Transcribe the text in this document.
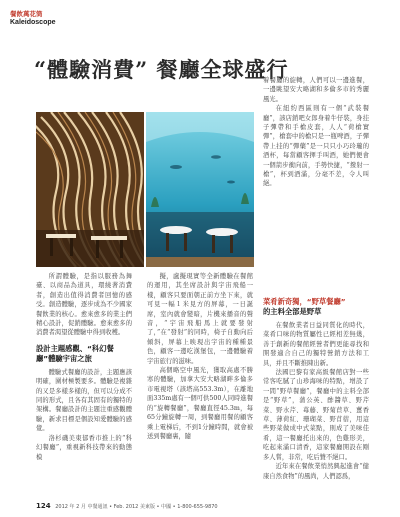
餐飲萬花筒
Kaleidoscope
“體驗消費” 餐廳全球盛行

所謂體驗，是指以服務為舞臺、以商品為道具，環繞著消費者，創造出值得消費者回憶的感受。創造體驗，逐步成為不少國家餐飲業的核心。愈來愈多的業主們精心設計，促銷體驗。愈來愈多的消費者渴望從體驗中得到收穫。

設計主題感觀、“科幻餐廳”體驗宇宙之旅

體驗式餐廳的設計，主題應該明確，圍材極製要多。體驗是複雜的又是多樣多樣的，但可以分成不同的形式，且各有其固有的獨特的架構。餐廳設計的主題注重感觀體驗，新求目標是個設知愛體驗的感覺。

洛杉磯美東郁香市推上的“科幻餐廳”，重視新科技帶來的動態模

擬，盧擬現實等全新體驗在餐館的運用，其坐席設計與宇宙飛船一樣，顧客只要面朝正前方坐下來，就可見一幅１米見方的屏幕，一日誕席，室內就會變暗，片機來播音的聲音，“宇宙飛船馬上就要發射了，”在“發射”的同時，椅子自動向后傾斜，屏幕上映現出宇宙的種種景色，顧客一邊吃漢堡包，一邊體驗着宇宙旅行的滋味。

高個略空中風光，獲取高處不勝寒的體驗，加拿大安大略湖畔多倫多市電視塔（該塔高553.3m），在離地面335m處有一個可供500人同時進餐的“旋轉餐廳”，餐廳直徑45.3m，每65分鐘旋轉一周，到餐廳用餐的顧客乘上電梯后，不到1分鐘時間，就會被送到餐廳裏，隨

着餐廳的旋轉，人們可以一邊進餐，一邊眺望安大略湖和多倫多市的秀麗風光。

在紐約西區則有一個“武裝餐廳”，該店銷吧女郎身着牛仔裝，身挂子彈帶和手槍皮套，人人“荷槍實彈”，槍套中的槍只是一瓶啤酒，子彈帶上挂的“彈藥”是一只只小巧玲瓏的酒杯，每當顧客揮手叫酒，她們便會一個箭步衝向前，手勢快捷，“撥射一槍”，杯到酒滿，分毫不差，令人叫絕。

菜肴新奇獨，“野草餐廳”
的主料全部是野草

在餐飲業者日益同質化的時代，菜肴口味的物質屬性已經相差無幾，善于創新的餐館經營者們更能尋找和開發適合自己的獨特營銷方法和工具，并且不斷推陳出新。

法國巴黎有家高級餐館店對一些常客吃膩了山珍海味的特點，增設了一間“野草餐廳”，餐廳中的主料全部是“野草”，蒲公英、酢醬草、野芹菜、野水芹、苺藤、野菊苣草、薑香草、薄荷紅、珊瑚菜、野苜蓿，用這些野菜做成中式菜點，則成了美味佳肴，這一餐廳托出來的，色雞形美，吃起來滿口清香，這家餐廳開設在剛多人嘗，非常，吃后贊不絕口。

近年來在餐飲業悄然興起進會“健康自然食物”的風尚，人們認爲，

124 2012 年 2 月 中餐通訊 • Feb. 2012 美東版 • 中國 • 1-800-655-9870
